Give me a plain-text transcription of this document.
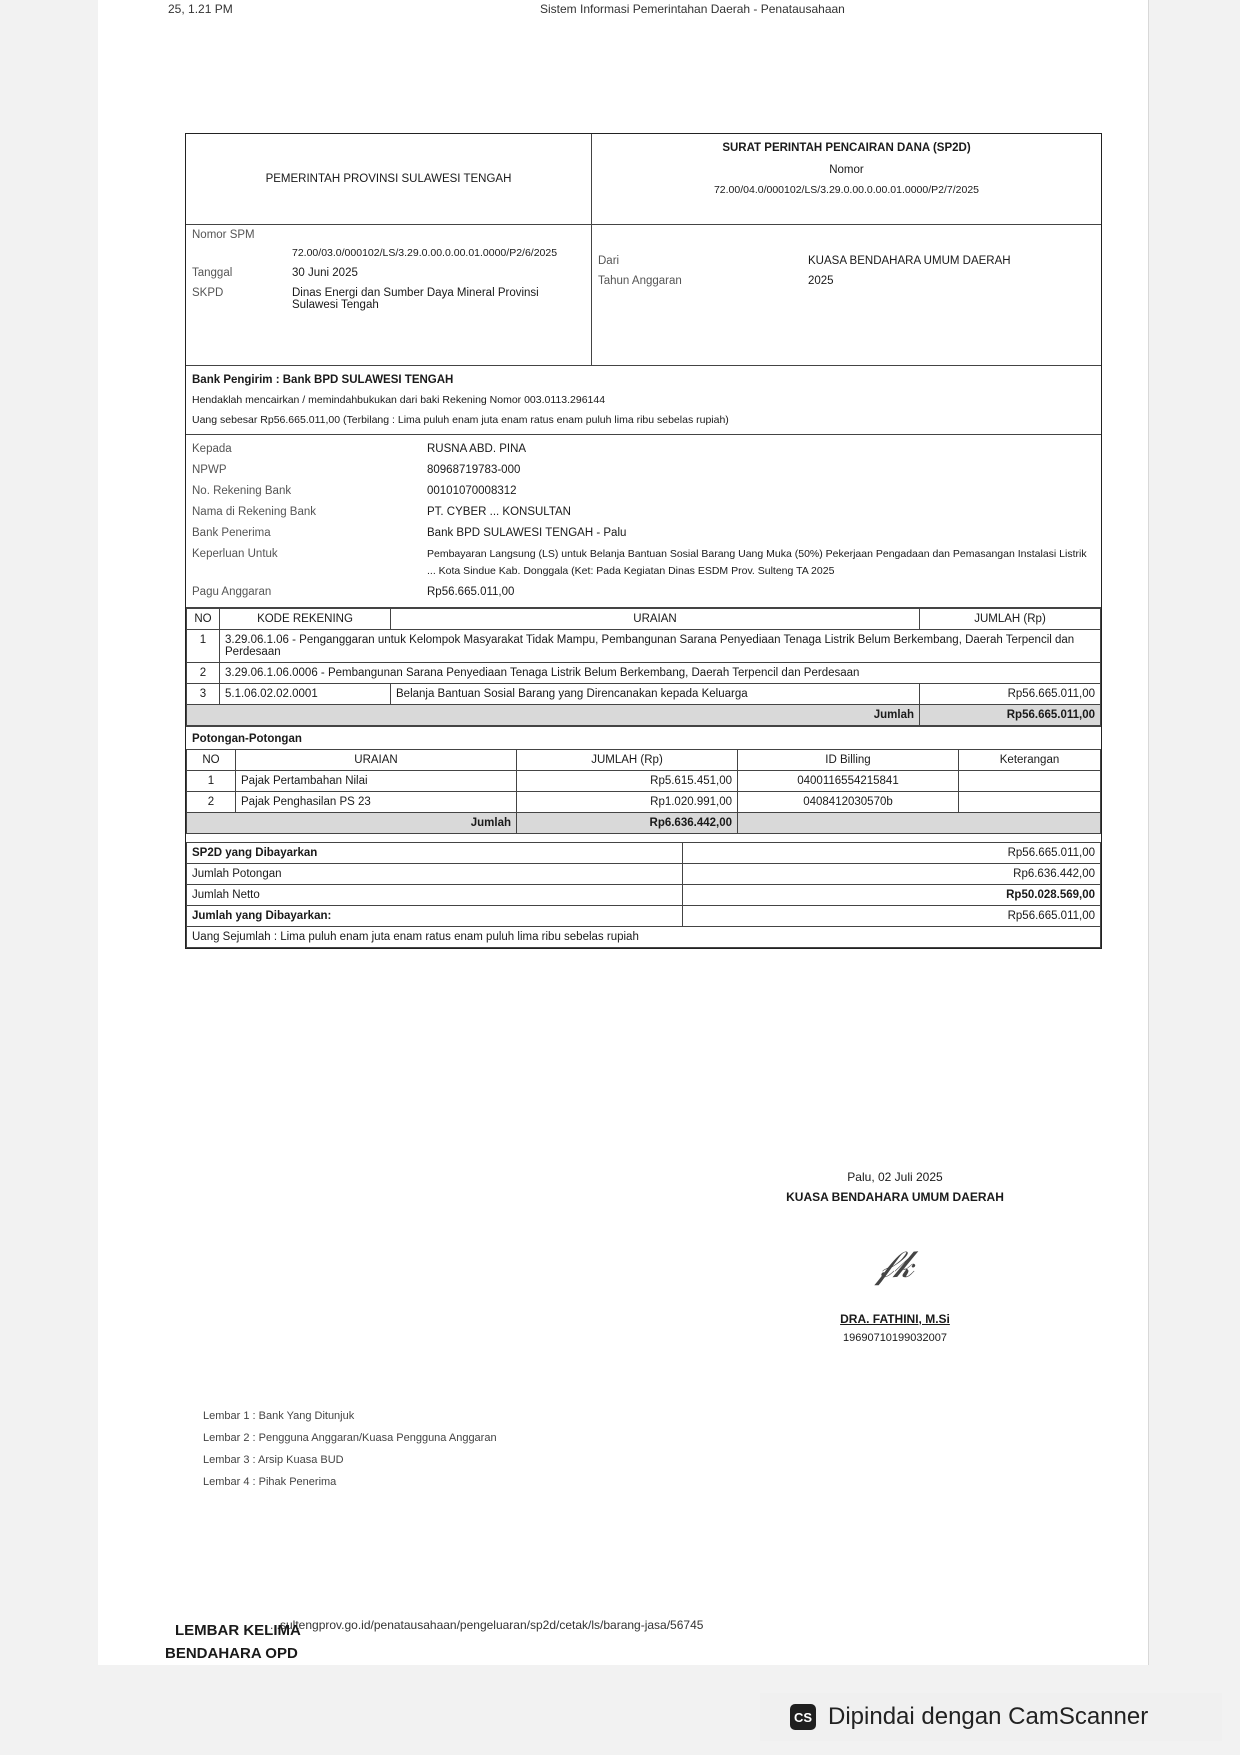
25, 1.21 PM	Sistem Informasi Pemerintahan Daerah - Penatausahaan
PEMERINTAH PROVINSI SULAWESI TENGAH
SURAT PERINTAH PENCAIRAN DANA (SP2D)
Nomor
72.00/04.0/000102/LS/3.29.0.00.0.00.01.0000/P2/7/2025
Nomor SPM
72.00/03.0/000102/LS/3.29.0.00.0.00.01.0000/P2/6/2025
Tanggal	30 Juni 2025
SKPD	Dinas Energi dan Sumber Daya Mineral Provinsi Sulawesi Tengah
Dari	KUASA BENDAHARA UMUM DAERAH
Tahun Anggaran	2025
Bank Pengirim : Bank BPD SULAWESI TENGAH
Hendaklah mencairkan / memindahbukukan dari baki Rekening Nomor 003.0113.296144
Uang sebesar Rp56.665.011,00 (Terbilang : Lima puluh enam juta enam ratus enam puluh lima ribu sebelas rupiah)
Kepada	RUSNA ABD. PINA
NPWP	80968719783-000
No. Rekening Bank	00101070008312
Nama di Rekening Bank	PT. CYBER ... KONSULTAN
Bank Penerima	Bank BPD SULAWESI TENGAH - Palu
Keperluan Untuk	Pembayaran Langsung (LS) untuk Belanja Bantuan Sosial Barang Uang Muka (50%) Pekerjaan Pengadaan dan Pemasangan Instalasi Listrik ... Kota Sindue Kab. Donggala (Ket: Pada Kegiatan Dinas ESDM Prov. Sulteng TA 2025
Pagu Anggaran	Rp56.665.011,00
NO	KODE REKENING	URAIAN	JUMLAH (Rp)
1	3.29.06.1.06 - Penganggaran untuk Kelompok Masyarakat Tidak Mampu, Pembangunan Sarana Penyediaan Tenaga Listrik Belum Berkembang, Daerah Terpencil dan Perdesaan		
2	3.29.06.1.06.0006 - Pembangunan Sarana Penyediaan Tenaga Listrik Belum Berkembang, Daerah Terpencil dan Perdesaan		
3	5.1.06.02.02.0001	Belanja Bantuan Sosial Barang yang Direncanakan kepada Keluarga	Rp56.665.011,00
Jumlah			Rp56.665.011,00
Potongan-Potongan
NO	URAIAN	JUMLAH (Rp)	ID Billing	Keterangan
1	Pajak Pertambahan Nilai	Rp5.615.451,00	0400116554215841	
2	Pajak Penghasilan PS 23	Rp1.020.991,00	0408412030570b	
Jumlah		Rp6.636.442,00		
SP2D yang Dibayarkan	Rp56.665.011,00
Jumlah Potongan	Rp6.636.442,00
Jumlah Netto	Rp50.028.569,00
Jumlah yang Dibayarkan:	Rp56.665.011,00
Uang Sejumlah : Lima puluh enam juta enam ratus enam puluh lima ribu sebelas rupiah	
Palu, 02 Juli 2025
KUASA BENDAHARA UMUM DAERAH
𝒻𝓀
DRA. FATHINI, M.Si
19690710199032007
Lembar 1 : Bank Yang Ditunjuk
Lembar 2 : Pengguna Anggaran/Kuasa Pengguna Anggaran
Lembar 3 : Arsip Kuasa BUD
Lembar 4 : Pihak Penerima
...sultengprov.go.id/penatausahaan/pengeluaran/sp2d/cetak/ls/barang-jasa/56745
LEMBAR KELIMA
BENDAHARA OPD
CS Dipindai dengan CamScanner
